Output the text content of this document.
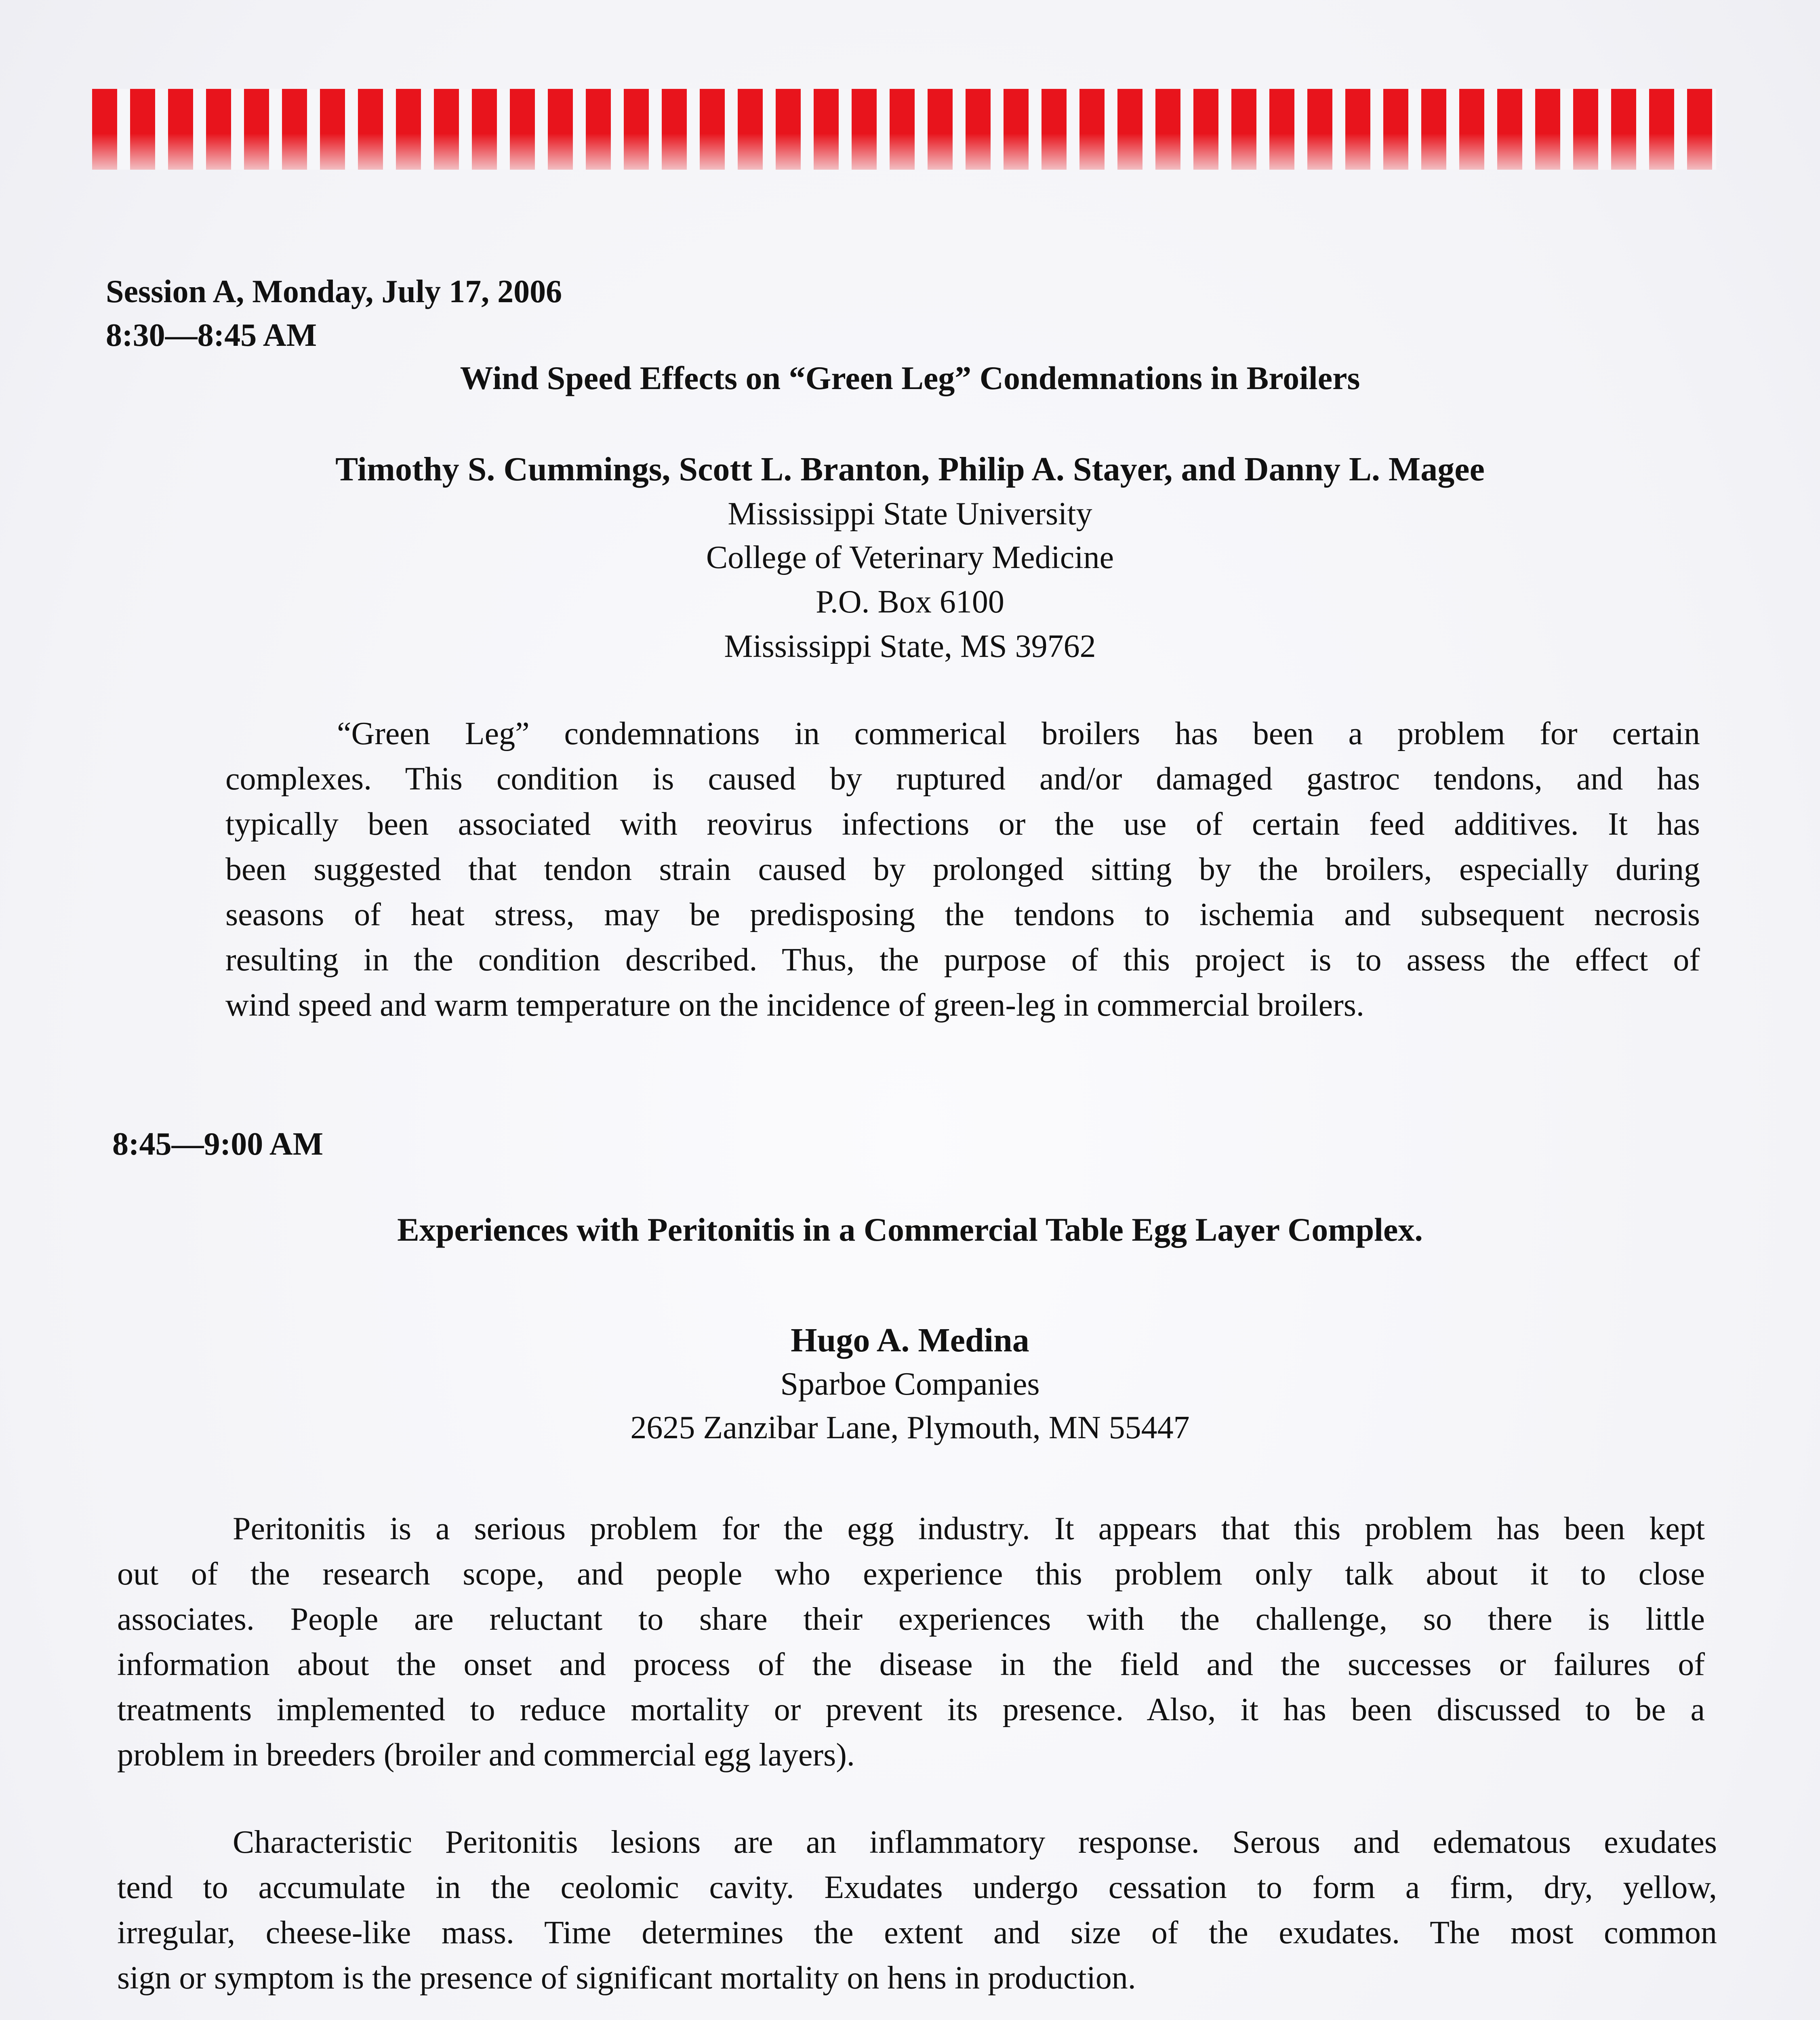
Session A, Monday, July 17, 2006
8:30—8:45 AM
Wind Speed Effects on “Green Leg” Condemnations in Broilers
Timothy S. Cummings, Scott L. Branton, Philip A. Stayer, and Danny L. Magee
Mississippi State University
College of Veterinary Medicine
P.O. Box 6100
Mississippi State, MS 39762
“Green Leg” condemnations in commerical broilers has been a problem for certain
complexes. This condition is caused by ruptured and/or damaged gastroc tendons, and has
typically been associated with reovirus infections or the use of certain feed additives. It has
been suggested that tendon strain caused by prolonged sitting by the broilers, especially during
seasons of heat stress, may be predisposing the tendons to ischemia and subsequent necrosis
resulting in the condition described. Thus, the purpose of this project is to assess the effect of
wind speed and warm temperature on the incidence of green-leg in commercial broilers.
8:45—9:00 AM
Experiences with Peritonitis in a Commercial Table Egg Layer Complex.
Hugo A. Medina
Sparboe Companies
2625 Zanzibar Lane, Plymouth, MN 55447
Peritonitis is a serious problem for the egg industry. It appears that this problem has been kept
out of the research scope, and people who experience this problem only talk about it to close
associates. People are reluctant to share their experiences with the challenge, so there is little
information about the onset and process of the disease in the field and the successes or failures of
treatments implemented to reduce mortality or prevent its presence. Also, it has been discussed to be a
problem in breeders (broiler and commercial egg layers).
Characteristic Peritonitis lesions are an inflammatory response. Serous and edematous exudates
tend to accumulate in the ceolomic cavity. Exudates undergo cessation to form a firm, dry, yellow,
irregular, cheese-like mass. Time determines the extent and size of the exudates. The most common
sign or symptom is the presence of significant mortality on hens in production.
